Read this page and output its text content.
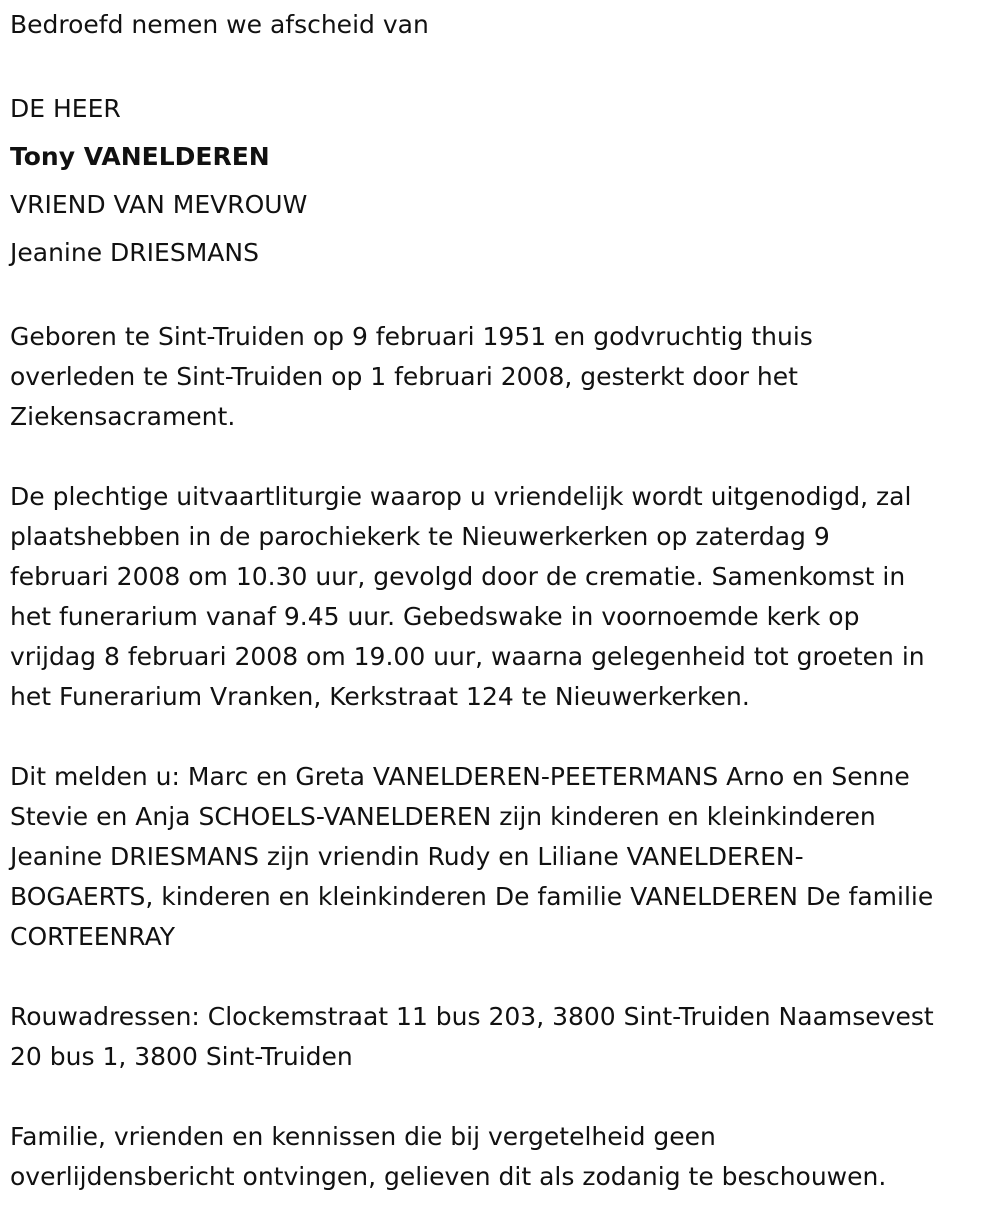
Bedroefd nemen we afscheid van
DE HEER
Tony VANELDEREN
VRIEND VAN MEVROUW
Jeanine DRIESMANS
Geboren te Sint-Truiden op 9 februari 1951 en godvruchtig thuis
overleden te Sint-Truiden op 1 februari 2008, gesterkt door het
Ziekensacrament.
De plechtige uitvaartliturgie waarop u vriendelijk wordt uitgenodigd, zal
plaatshebben in de parochiekerk te Nieuwerkerken op zaterdag 9
februari 2008 om 10.30 uur, gevolgd door de crematie. Samenkomst in
het funerarium vanaf 9.45 uur. Gebedswake in voornoemde kerk op
vrijdag 8 februari 2008 om 19.00 uur, waarna gelegenheid tot groeten in
het Funerarium Vranken, Kerkstraat 124 te Nieuwerkerken.
Dit melden u: Marc en Greta VANELDEREN-PEETERMANS Arno en Senne
Stevie en Anja SCHOELS-VANELDEREN zijn kinderen en kleinkinderen
Jeanine DRIESMANS zijn vriendin Rudy en Liliane VANELDEREN-
BOGAERTS, kinderen en kleinkinderen De familie VANELDEREN De familie
CORTEENRAY
Rouwadressen: Clockemstraat 11 bus 203, 3800 Sint-Truiden Naamsevest
20 bus 1, 3800 Sint-Truiden
Familie, vrienden en kennissen die bij vergetelheid geen
overlijdensbericht ontvingen, gelieven dit als zodanig te beschouwen.
